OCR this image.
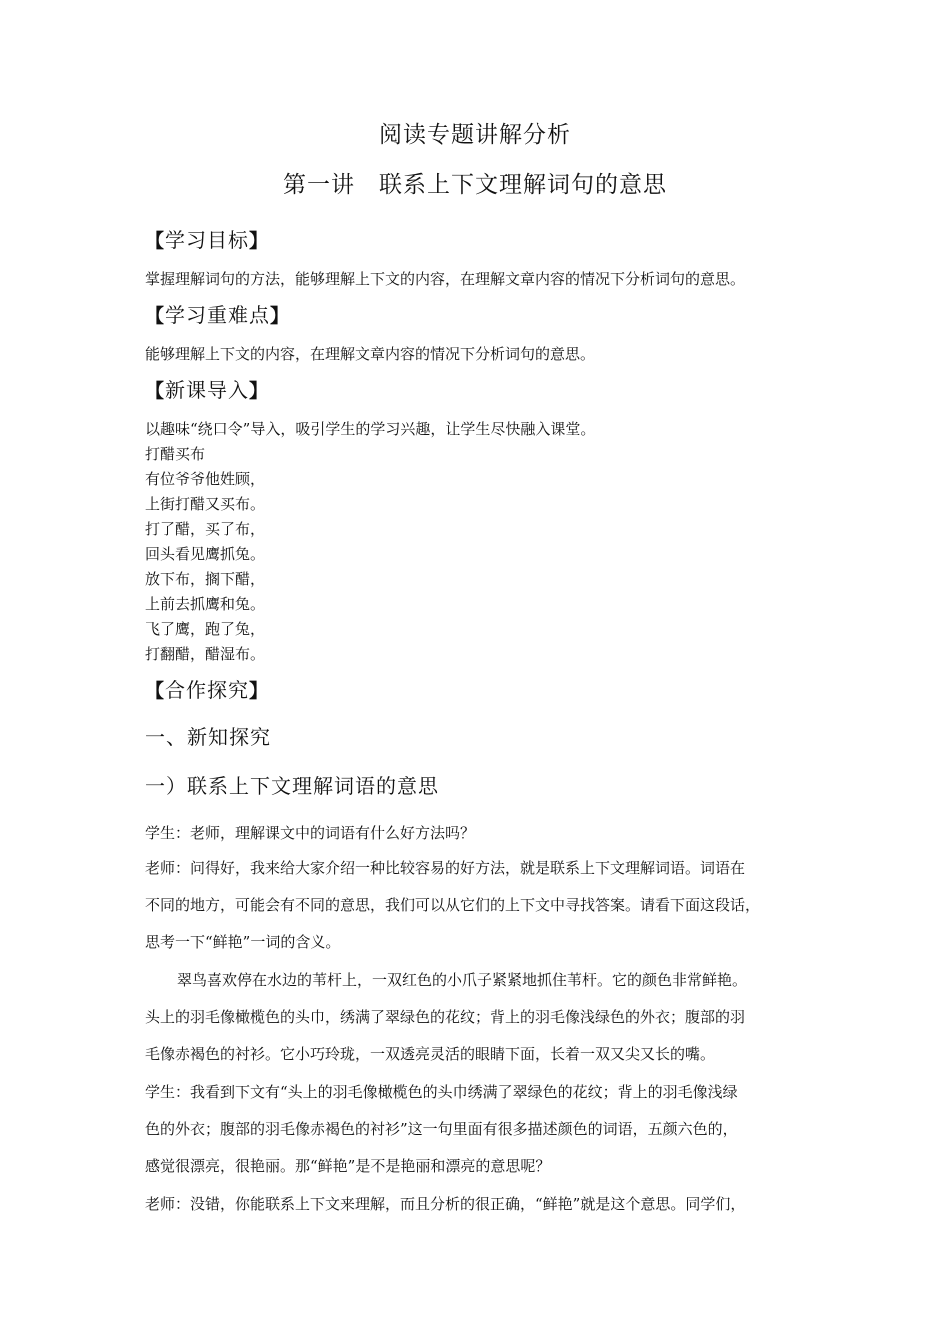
阅读专题讲解分析
第一讲　联系上下文理解词句的意思
【学习目标】
掌握理解词句的方法，能够理解上下文的内容，在理解文章内容的情况下分析词句的意思。
【学习重难点】
能够理解上下文的内容，在理解文章内容的情况下分析词句的意思。
【新课导入】
以趣味“绕口令”导入，吸引学生的学习兴趣，让学生尽快融入课堂。
打醋买布
有位爷爷他姓顾，
上街打醋又买布。
打了醋，买了布，
回头看见鹰抓兔。
放下布，搁下醋，
上前去抓鹰和兔。
飞了鹰，跑了兔，
打翻醋，醋湿布。
【合作探究】
一、新知探究
一）联系上下文理解词语的意思
学生：老师，理解课文中的词语有什么好方法吗？
老师：问得好，我来给大家介绍一种比较容易的好方法，就是联系上下文理解词语。词语在
不同的地方，可能会有不同的意思，我们可以从它们的上下文中寻找答案。请看下面这段话，
思考一下“鲜艳”一词的含义。
翠鸟喜欢停在水边的苇杆上，一双红色的小爪子紧紧地抓住苇杆。它的颜色非常鲜艳。
头上的羽毛像橄榄色的头巾，绣满了翠绿色的花纹；背上的羽毛像浅绿色的外衣；腹部的羽
毛像赤褐色的衬衫。它小巧玲珑，一双透亮灵活的眼睛下面，长着一双又尖又长的嘴。
学生：我看到下文有“头上的羽毛像橄榄色的头巾绣满了翠绿色的花纹；背上的羽毛像浅绿
色的外衣；腹部的羽毛像赤褐色的衬衫”这一句里面有很多描述颜色的词语，五颜六色的，
感觉很漂亮，很艳丽。那“鲜艳”是不是艳丽和漂亮的意思呢？
老师：没错，你能联系上下文来理解，而且分析的很正确，“鲜艳”就是这个意思。同学们，
